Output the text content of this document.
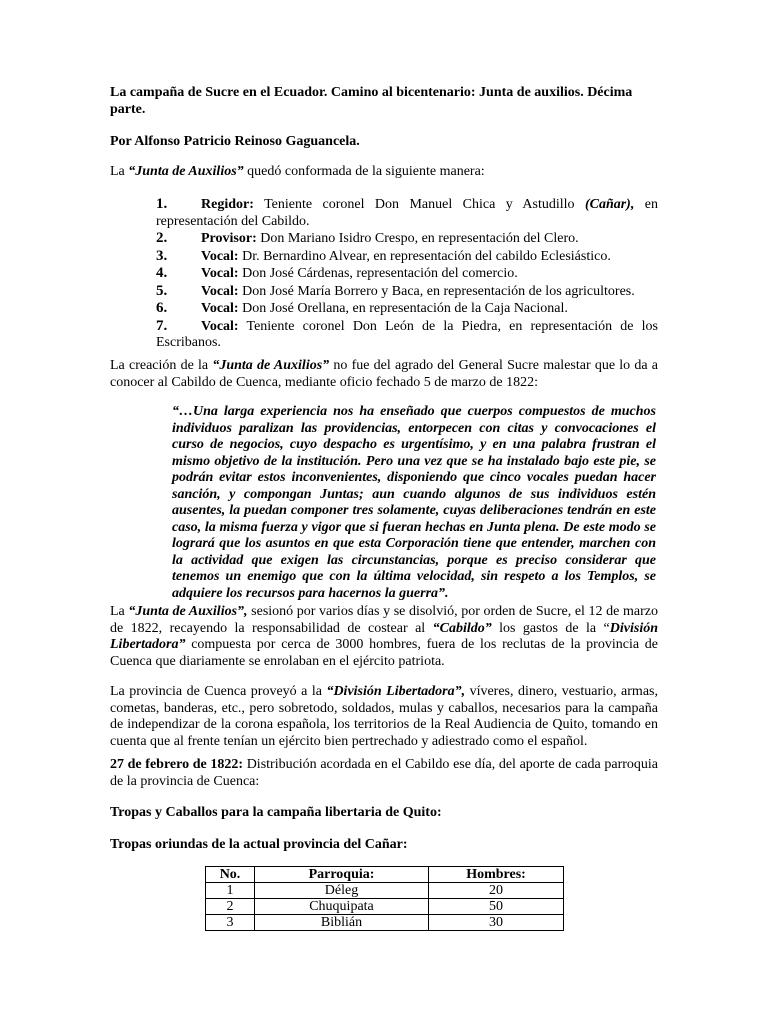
La campaña de Sucre en el Ecuador. Camino al bicentenario: Junta de auxilios. Décima parte.

Por Alfonso Patricio Reinoso Gaguancela.

La “Junta de Auxilios” quedó conformada de la siguiente manera:

1. Regidor: Teniente coronel Don Manuel Chica y Astudillo (Cañar), en representación del Cabildo.
2. Provisor: Don Mariano Isidro Crespo, en representación del Clero.
3. Vocal: Dr. Bernardino Alvear, en representación del cabildo Eclesiástico.
4. Vocal: Don José Cárdenas, representación del comercio.
5. Vocal: Don José María Borrero y Baca, en representación de los agricultores.
6. Vocal: Don José Orellana, en representación de la Caja Nacional.
7. Vocal: Teniente coronel Don León de la Piedra, en representación de los Escribanos.

La creación de la “Junta de Auxilios” no fue del agrado del General Sucre malestar que lo da a conocer al Cabildo de Cuenca, mediante oficio fechado 5 de marzo de 1822:

“…Una larga experiencia nos ha enseñado que cuerpos compuestos de muchos individuos paralizan las providencias, entorpecen con citas y convocaciones el curso de negocios, cuyo despacho es urgentísimo, y en una palabra frustran el mismo objetivo de la institución. Pero una vez que se ha instalado bajo este pie, se podrán evitar estos inconvenientes, disponiendo que cinco vocales puedan hacer sanción, y compongan Juntas; aun cuando algunos de sus individuos estén ausentes, la puedan componer tres solamente, cuyas deliberaciones tendrán en este caso, la misma fuerza y vigor que si fueran hechas en Junta plena. De este modo se logrará que los asuntos en que esta Corporación tiene que entender, marchen con la actividad que exigen las circunstancias, porque es preciso considerar que tenemos un enemigo que con la última velocidad, sin respeto a los Templos, se adquiere los recursos para hacernos la guerra”.

La “Junta de Auxilios”, sesionó por varios días y se disolvió, por orden de Sucre, el 12 de marzo de 1822, recayendo la responsabilidad de costear al “Cabildo” los gastos de la “División Libertadora” compuesta por cerca de 3000 hombres, fuera de los reclutas de la provincia de Cuenca que diariamente se enrolaban en el ejército patriota.

La provincia de Cuenca proveyó a la “División Libertadora”, víveres, dinero, vestuario, armas, cometas, banderas, etc., pero sobretodo, soldados, mulas y caballos, necesarios para la campaña de independizar de la corona española, los territorios de la Real Audiencia de Quito, tomando en cuenta que al frente tenían un ejército bien pertrechado y adiestrado como el español.

27 de febrero de 1822: Distribución acordada en el Cabildo ese día, del aporte de cada parroquia de la provincia de Cuenca:

Tropas y Caballos para la campaña libertaria de Quito:

Tropas oriundas de la actual provincia del Cañar:

No.	Parroquia:	Hombres:
1	Déleg	20
2	Chuquipata	50
3	Biblián	30
